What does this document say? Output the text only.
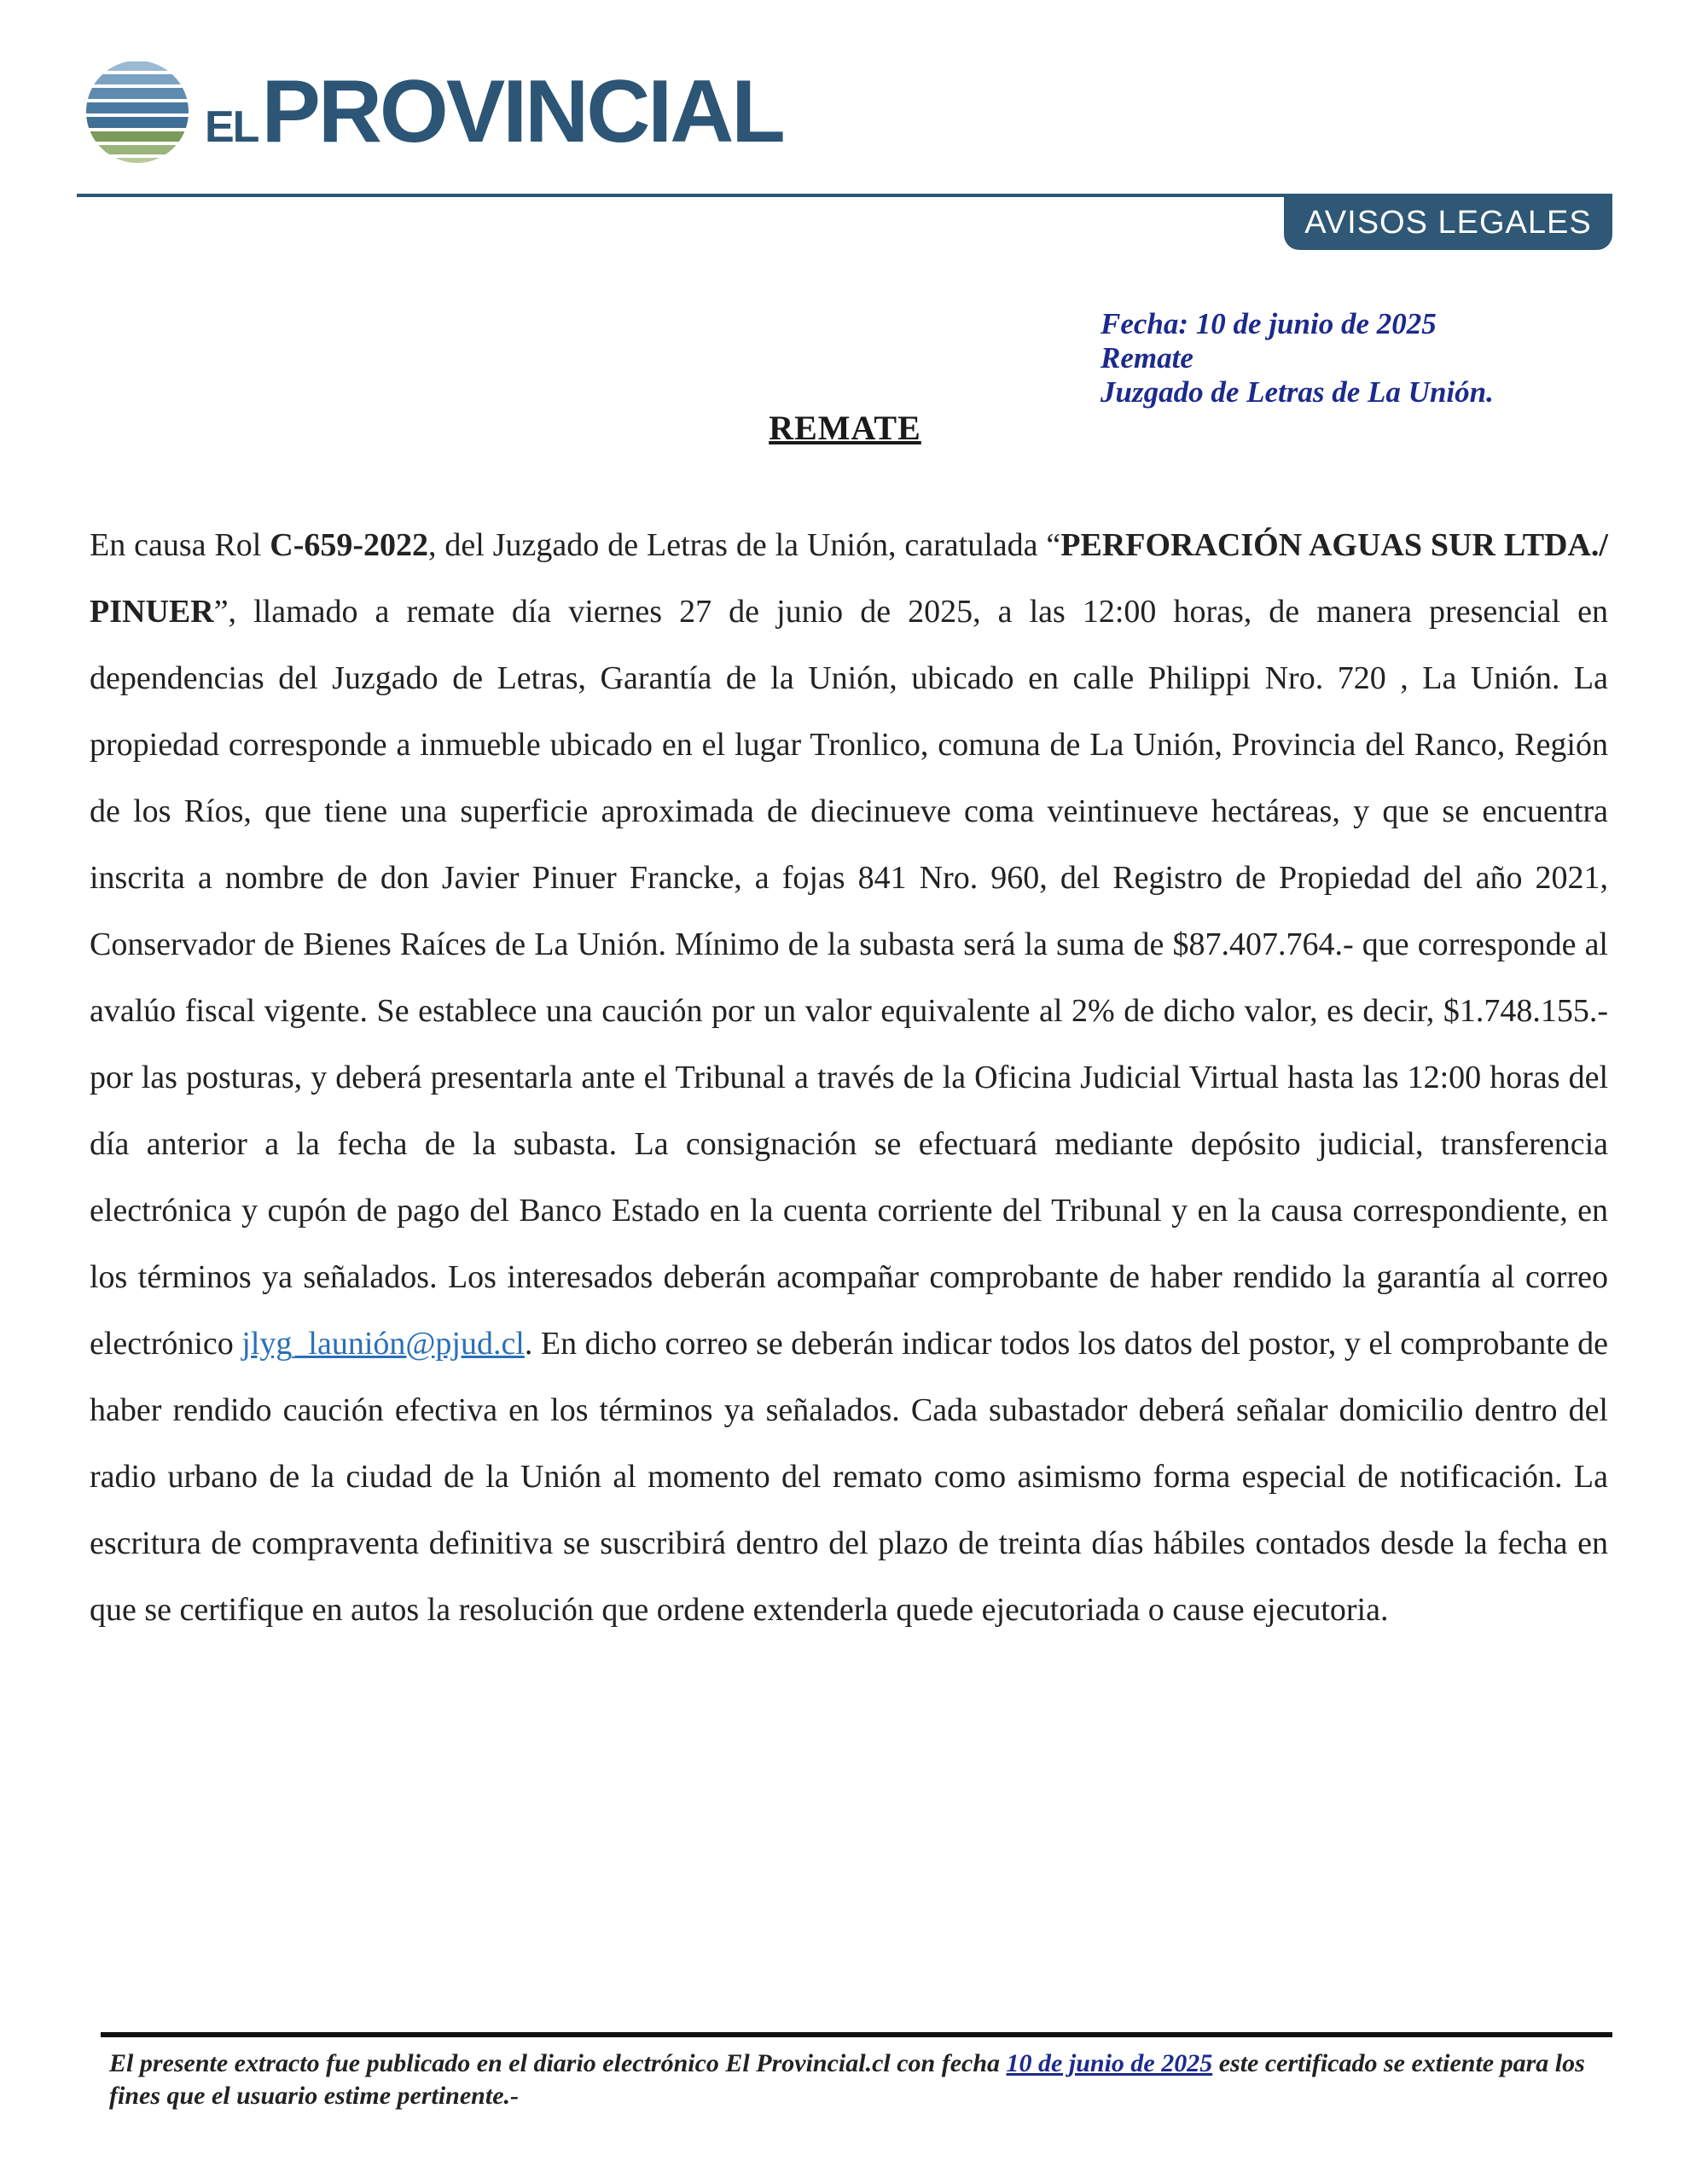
EL PROVINCIAL
AVISOS LEGALES
Fecha: 10 de junio de 2025
Remate
Juzgado de Letras de La Unión.
REMATE
En causa Rol C-659-2022, del Juzgado de Letras de la Unión, caratulada “PERFORACIÓN AGUAS SUR LTDA./ PINUER”, llamado a remate día viernes 27 de junio de 2025, a las 12:00 horas, de manera presencial en dependencias del Juzgado de Letras, Garantía de la Unión, ubicado en calle Philippi Nro. 720 , La Unión. La propiedad corresponde a inmueble ubicado en el lugar Tronlico, comuna de La Unión, Provincia del Ranco, Región de los Ríos, que tiene una superficie aproximada de diecinueve coma veintinueve hectáreas, y que se encuentra inscrita a nombre de don Javier Pinuer Francke, a fojas 841 Nro. 960, del Registro de Propiedad del año 2021, Conservador de Bienes Raíces de La Unión. Mínimo de la subasta será la suma de $87.407.764.- que corresponde al avalúo fiscal vigente. Se establece una caución por un valor equivalente al 2% de dicho valor, es decir, $1.748.155.- por las posturas, y deberá presentarla ante el Tribunal a través de la Oficina Judicial Virtual hasta las 12:00 horas del día anterior a la fecha de la subasta. La consignación se efectuará mediante depósito judicial, transferencia electrónica y cupón de pago del Banco Estado en la cuenta corriente del Tribunal y en la causa correspondiente, en los términos ya señalados. Los interesados deberán acompañar comprobante de haber rendido la garantía al correo electrónico jlyg_launión@pjud.cl. En dicho correo se deberán indicar todos los datos del postor, y el comprobante de haber rendido caución efectiva en los términos ya señalados. Cada subastador deberá señalar domicilio dentro del radio urbano de la ciudad de la Unión al momento del remato como asimismo forma especial de notificación. La escritura de compraventa definitiva se suscribirá dentro del plazo de treinta días hábiles contados desde la fecha en que se certifique en autos la resolución que ordene extenderla quede ejecutoriada o cause ejecutoria.
El presente extracto fue publicado en el diario electrónico El Provincial.cl con fecha 10 de junio de 2025 este certificado se extiente para los fines que el usuario estime pertinente.-
